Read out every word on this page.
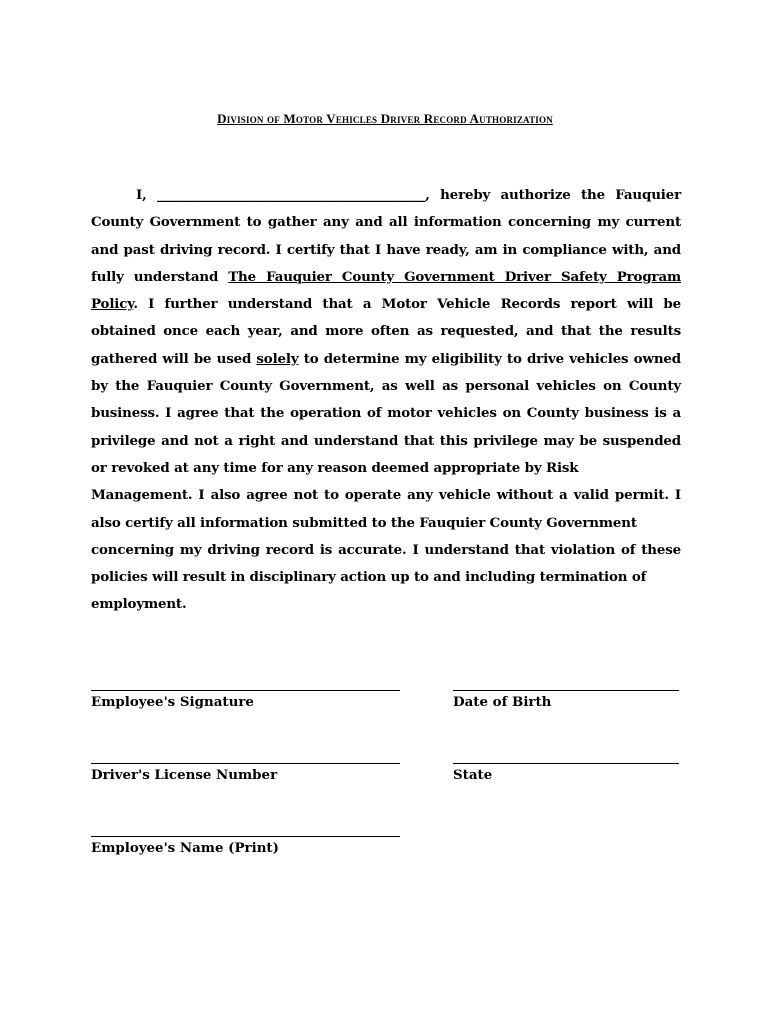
Division of Motor Vehicles Driver Record Authorization
I, _________________________________________, hereby authorize the Fauquier
County Government to gather any and all information concerning my current
and past driving record. I certify that I have ready, am in compliance with, and
fully understand The Fauquier County Government Driver Safety Program
Policy. I further understand that a Motor Vehicle Records report will be
obtained once each year, and more often as requested, and that the results
gathered will be used solely to determine my eligibility to drive vehicles owned
by the Fauquier County Government, as well as personal vehicles on County
business. I agree that the operation of motor vehicles on County business is a
privilege and not a right and understand that this privilege may be suspended
or revoked at any time for any reason deemed appropriate by Risk
Management. I also agree not to operate any vehicle without a valid permit. I
also certify all information submitted to the Fauquier County Government
concerning my driving record is accurate. I understand that violation of these
policies will result in disciplinary action up to and including termination of
employment.

Employee's Signature	Date of Birth

Driver's License Number	State

Employee's Name (Print)
